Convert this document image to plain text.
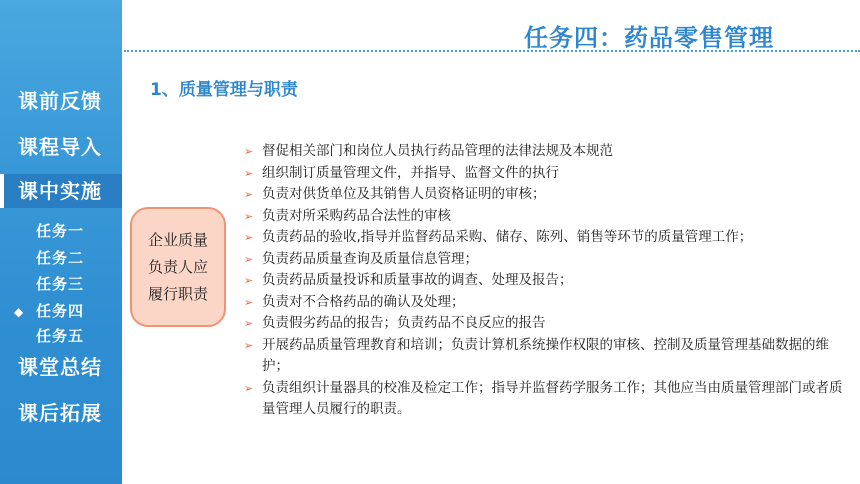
课前反馈
课程导入
课中实施
任务一
任务二
任务三
◆ 任务四
任务五
课堂总结
课后拓展
任务四：药品零售管理
1、质量管理与职责
企业质量
负责人应
履行职责
➢ 督促相关部门和岗位人员执行药品管理的法律法规及本规范
➢ 组织制订质量管理文件，并指导、监督文件的执行
➢ 负责对供货单位及其销售人员资格证明的审核；
➢ 负责对所采购药品合法性的审核
➢ 负责药品的验收,指导并监督药品采购、储存、陈列、销售等环节的质量管理工作；
➢ 负责药品质量查询及质量信息管理；
➢ 负责药品质量投诉和质量事故的调查、处理及报告；
➢ 负责对不合格药品的确认及处理；
➢ 负责假劣药品的报告；负责药品不良反应的报告
➢ 开展药品质量管理教育和培训；负责计算机系统操作权限的审核、控制及质量管理基础数据的维护；
➢ 负责组织计量器具的校准及检定工作；指导并监督药学服务工作；其他应当由质量管理部门或者质量管理人员履行的职责。
